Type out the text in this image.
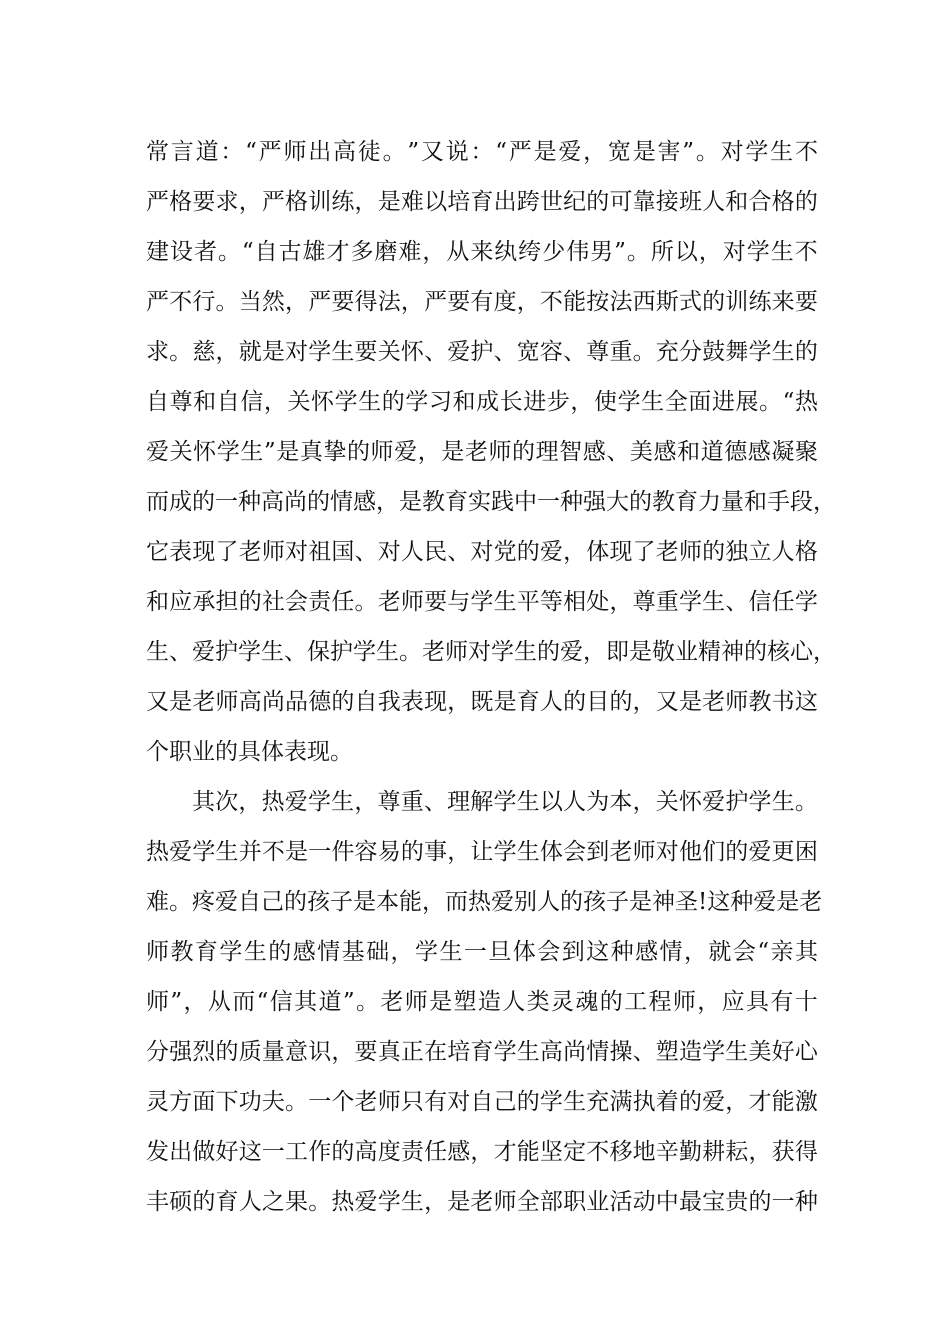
常 言 道 ： “ 严 师 出 高 徒 。 ” 又 说 ： “ 严 是 爱 ， 宽 是 害 ” 。 对 学 生 不
严 格 要 求 ， 严 格 训 练 ， 是 难 以 培 育 出 跨 世 纪 的 可 靠 接 班 人 和 合 格 的
建 设 者 。 “ 自 古 雄 才 多 磨 难 ， 从 来 纨 绔 少 伟 男 ” 。 所 以 ， 对 学 生 不
严 不 行 。 当 然 ， 严 要 得 法 ， 严 要 有 度 ， 不 能 按 法 西 斯 式 的 训 练 来 要
求 。 慈 ， 就 是 对 学 生 要 关 怀 、 爱 护 、 宽 容 、 尊 重 。 充 分 鼓 舞 学 生 的
自 尊 和 自 信 ， 关 怀 学 生 的 学 习 和 成 长 进 步 ， 使 学 生 全 面 进 展 。 “ 热
爱 关 怀 学 生 ” 是 真 挚 的 师 爱 ， 是 老 师 的 理 智 感 、 美 感 和 道 德 感 凝 聚
而 成 的 一 种 高 尚 的 情 感 ， 是 教 育 实 践 中 一 种 强 大 的 教 育 力 量 和 手 段 ，
它 表 现 了 老 师 对 祖 国 、 对 人 民 、 对 党 的 爱 ， 体 现 了 老 师 的 独 立 人 格
和 应 承 担 的 社 会 责 任 。 老 师 要 与 学 生 平 等 相 处 ， 尊 重 学 生 、 信 任 学
生 、 爱 护 学 生 、 保 护 学 生 。 老 师 对 学 生 的 爱 ， 即 是 敬 业 精 神 的 核 心 ，
又 是 老 师 高 尚 品 德 的 自 我 表 现 ， 既 是 育 人 的 目 的 ， 又 是 老 师 教 书 这
个职业的具体表现。
其 次 ， 热 爱 学 生 ， 尊 重 、 理 解 学 生 以 人 为 本 ， 关 怀 爱 护 学 生 。
热 爱 学 生 并 不 是 一 件 容 易 的 事 ， 让 学 生 体 会 到 老 师 对 他 们 的 爱 更 困
难 。 疼 爱 自 己 的 孩 子 是 本 能 ， 而 热 爱 别 人 的 孩 子 是 神 圣 ! 这 种 爱 是 老
师 教 育 学 生 的 感 情 基 础 ， 学 生 一 旦 体 会 到 这 种 感 情 ， 就 会 “ 亲 其
师 ” ， 从 而 “ 信 其 道 ” 。 老 师 是 塑 造 人 类 灵 魂 的 工 程 师 ， 应 具 有 十
分 强 烈 的 质 量 意 识 ， 要 真 正 在 培 育 学 生 高 尚 情 操 、 塑 造 学 生 美 好 心
灵 方 面 下 功 夫 。 一 个 老 师 只 有 对 自 己 的 学 生 充 满 执 着 的 爱 ， 才 能 激
发 出 做 好 这 一 工 作 的 高 度 责 任 感 ， 才 能 坚 定 不 移 地 辛 勤 耕 耘 ， 获 得
丰 硕 的 育 人 之 果 。 热 爱 学 生 ， 是 老 师 全 部 职 业 活 动 中 最 宝 贵 的 一 种
